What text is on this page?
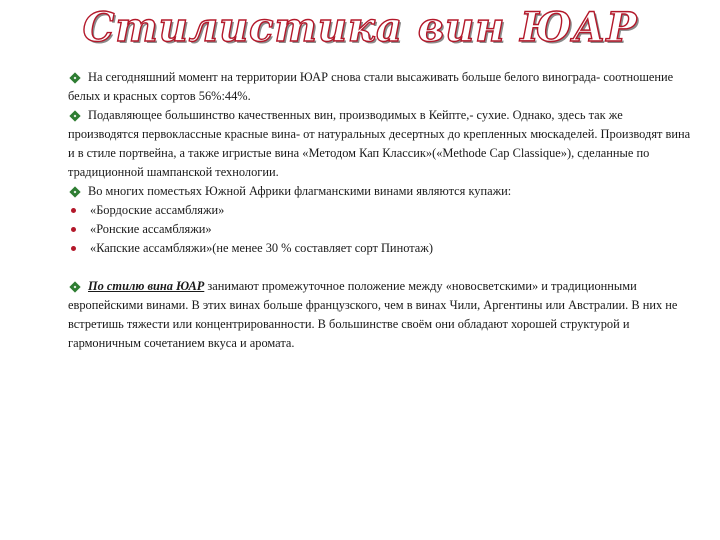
Стилистика вин ЮАР

На сегодняшний момент на территории ЮАР снова стали высаживать больше белого винограда- соотношение белых и красных сортов 56%:44%.

Подавляющее большинство качественных вин, производимых в Кейпте,- сухие. Однако, здесь так же производятся первоклассные красные вина- от натуральных десертных до крепленных мюскаделей. Производят вина и в стиле портвейна, а также игристые вина «Методом Кап Классик»(«Methode Cap Classique»), сделанные по традиционной шампанской технологии.

Во многих поместьях Южной Африки флагманскими винами являются купажи:

«Бордоские ассамбляжи»

«Ронские ассамбляжи»

«Капские ассамбляжи»(не менее 30 % составляет сорт Пинотаж)

По стилю вина ЮАР занимают промежуточное положение между «новосветскими» и традиционными европейскими винами. В этих винах больше французского, чем в винах Чили, Аргентины или Австралии. В них не встретишь тяжести или концентрированности. В большинстве своём они обладают хорошей структурой и гармоничным сочетанием вкуса и аромата.
